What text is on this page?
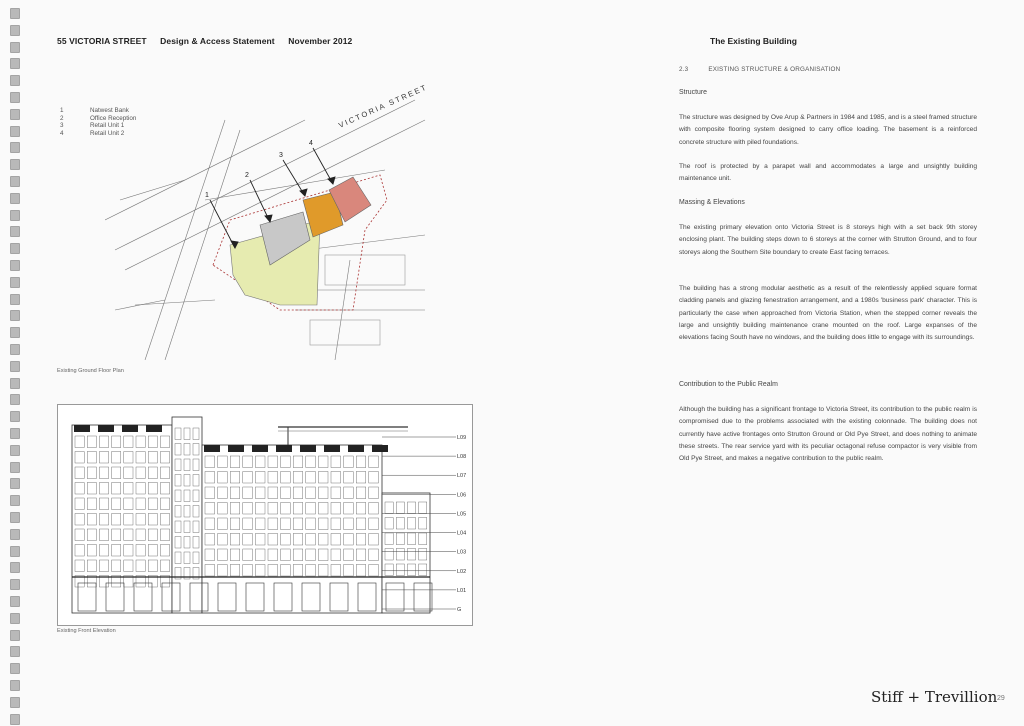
55 VICTORIA STREET Design & Access Statement November 2012
1	Natwest Bank
2	Office Reception
3	Retail Unit 1
4	Retail Unit 2
1
2
3
4
VICTORIA STREET
Existing Ground Floor Plan
L09
L08
L07
L06
L05
L04
L03
L02
L01
G
Existing Front Elevation
The Existing Building
2.3	EXISTING STRUCTURE & ORGANISATION
Structure

The structure was designed by Ove Arup & Partners in 1984 and 1985, and is a steel framed structure with composite flooring system designed to carry office loading. The basement is a reinforced concrete structure with piled foundations.

The roof is protected by a parapet wall and accommodates a large and unsightly building maintenance unit.

Massing & Elevations

The existing primary elevation onto Victoria Street is 8 storeys high with a set back 9th storey enclosing plant. The building steps down to 6 storeys at the corner with Strutton Ground, and to four storeys along the Southern Site boundary to create East facing terraces.

The building has a strong modular aesthetic as a result of the relentlessly applied square format cladding panels and glazing fenestration arrangement, and a 1980s 'business park' character. This is particularly the case when approached from Victoria Station, when the stepped corner reveals the large and unsightly building maintenance crane mounted on the roof. Large expanses of the elevations facing South have no windows, and the building does little to engage with its surroundings.

Contribution to the Public Realm

Although the building has a significant frontage to Victoria Street, its contribution to the public realm is compromised due to the problems associated with the existing colonnade. The building does not currently have active frontages onto Strutton Ground or Old Pye Street, and does nothing to animate these streets. The rear service yard with its peculiar octagonal refuse compactor is very visible from Old Pye Street, and makes a negative contribution to the public realm.

Stiff + Trevillion 29
